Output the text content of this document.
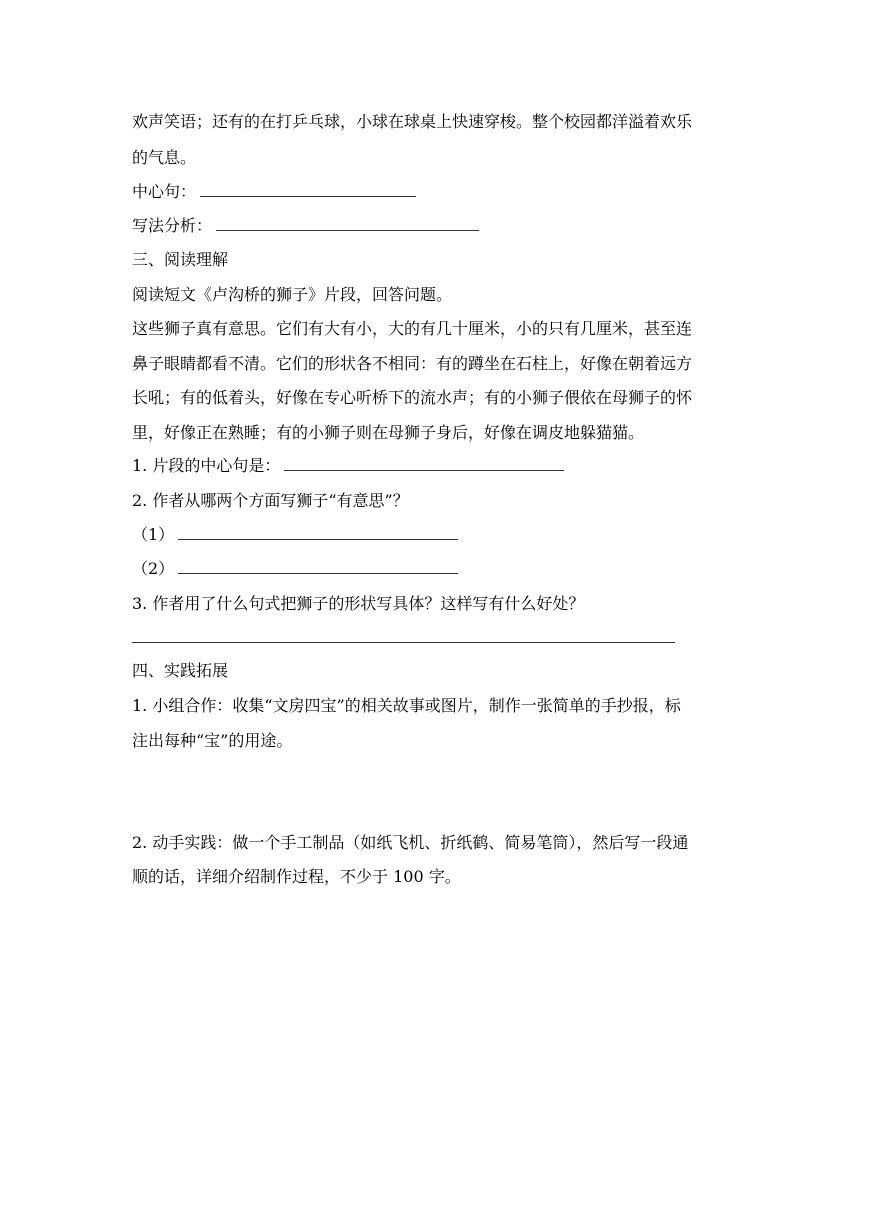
欢声笑语；还有的在打乒乓球，小球在球桌上快速穿梭。整个校园都洋溢着欢乐
的气息。
中心句：
写法分析：
三、阅读理解
阅读短文《卢沟桥的狮子》片段，回答问题。
这些狮子真有意思。它们有大有小，大的有几十厘米，小的只有几厘米，甚至连
鼻子眼睛都看不清。它们的形状各不相同：有的蹲坐在石柱上，好像在朝着远方
长吼；有的低着头，好像在专心听桥下的流水声；有的小狮子偎依在母狮子的怀
里，好像正在熟睡；有的小狮子则在母狮子身后，好像在调皮地躲猫猫。
1. 片段的中心句是：
2. 作者从哪两个方面写狮子“有意思”？
（1）
（2）
3. 作者用了什么句式把狮子的形状写具体？这样写有什么好处？
四、实践拓展
1. 小组合作：收集“文房四宝”的相关故事或图片，制作一张简单的手抄报，标
注出每种“宝”的用途。
2. 动手实践：做一个手工制品（如纸飞机、折纸鹤、简易笔筒），然后写一段通
顺的话，详细介绍制作过程，不少于 100 字。
